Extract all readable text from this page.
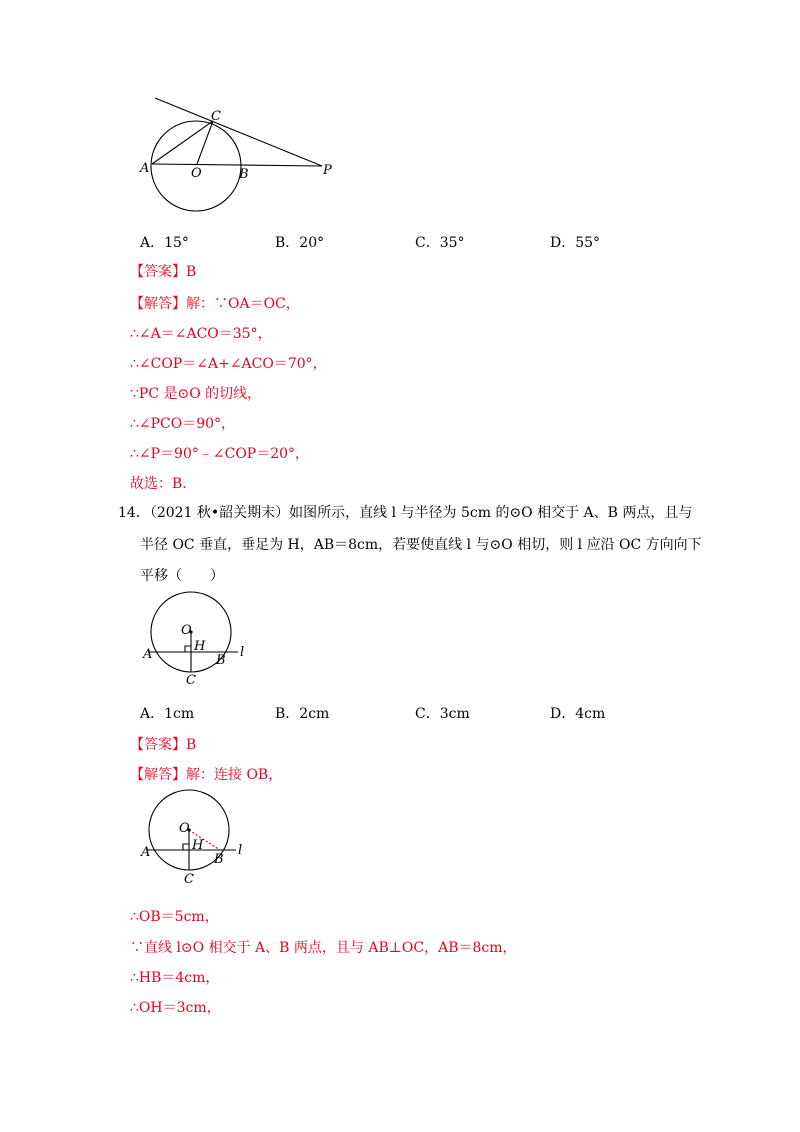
C
A	O	B	P
A．15°	B．20°	C．35°	D．55°
【答案】B
【解答】解：∵OA＝OC，
∴∠A＝∠ACO＝35°，
∴∠COP＝∠A+∠ACO＝70°，
∵PC 是⊙O 的切线，
∴∠PCO＝90°，
∴∠P＝90°﹣∠COP＝20°，
故选：B．
14．（2021 秋•韶关期末）如图所示，直线 l 与半径为 5cm 的⊙O 相交于 A、B 两点，且与
半径 OC 垂直，垂足为 H，AB＝8cm，若要使直线 l 与⊙O 相切，则 l 应沿 OC 方向向下
平移（　　）
O
A
H
B
l
C
A．1cm	B．2cm	C．3cm	D．4cm
【答案】B
【解答】解：连接 OB，
O
A	H
B
l
C
∴OB＝5cm，
∵直线 l⊙O 相交于 A、B 两点，且与 AB⊥OC，AB＝8cm，
∴HB＝4cm，
∴OH＝3cm，
